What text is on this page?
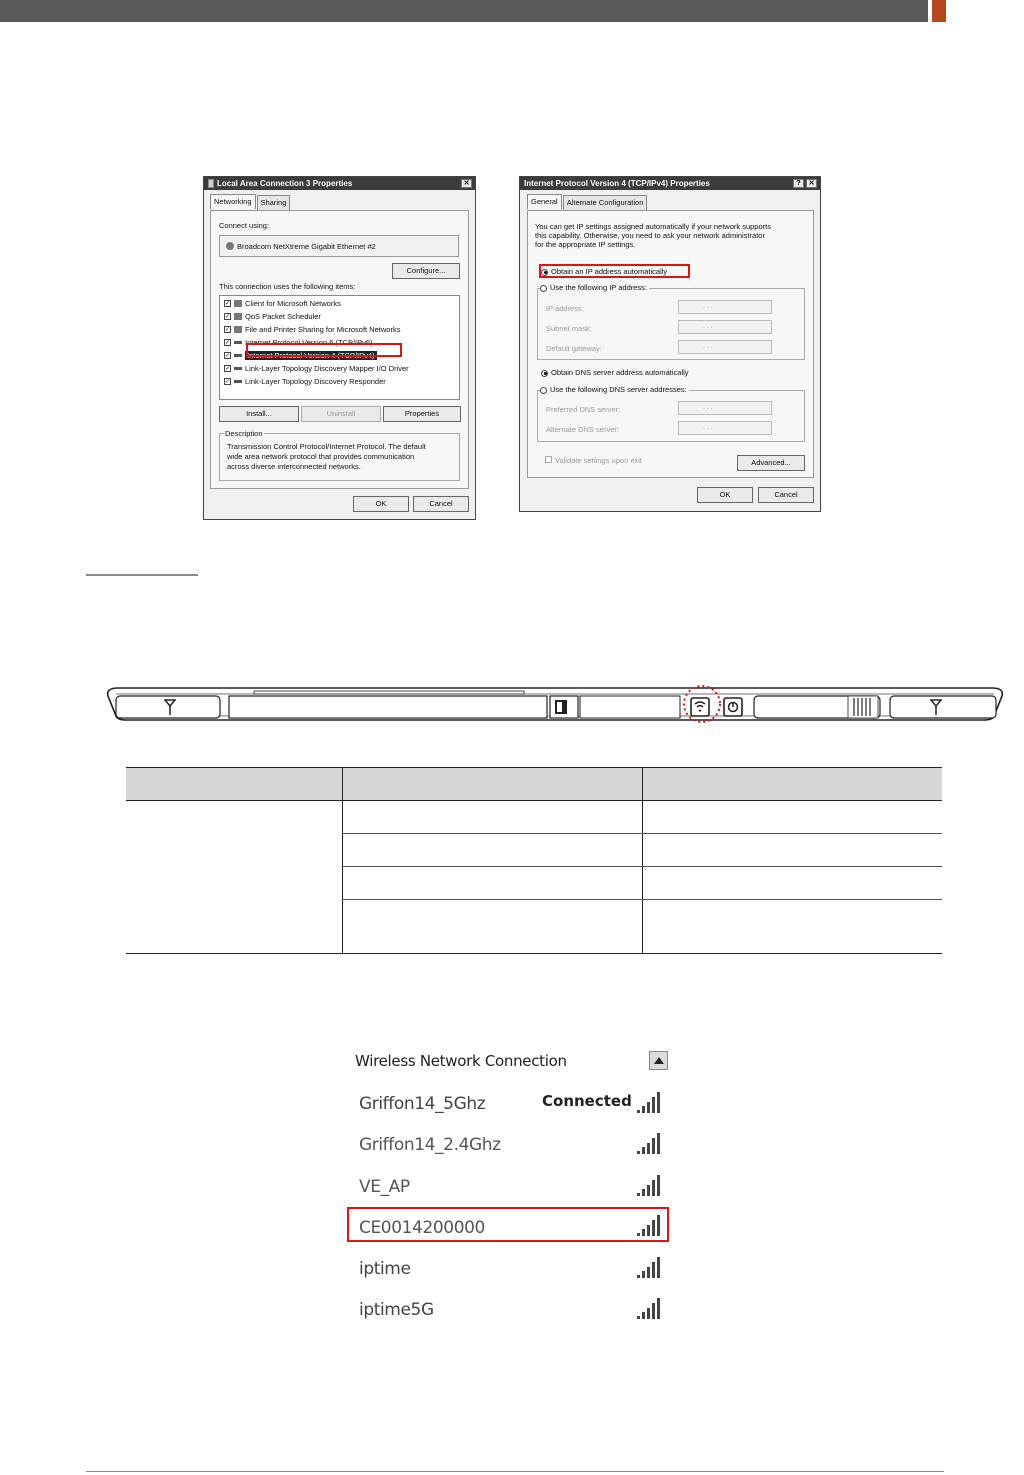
Local Area Connection 3 Properties	✕
Networking	Sharing
Connect using:
Broadcom NetXtreme Gigabit Ethernet #2
Configure...
This connection uses the following items:
✓ Client for Microsoft Networks
✓ QoS Packet Scheduler
✓ File and Printer Sharing for Microsoft Networks
✓ Internet Protocol Version 6 (TCP/IPv6)
✓ Internet Protocol Version 4 (TCP/IPv4)
✓ Link-Layer Topology Discovery Mapper I/O Driver
✓ Link-Layer Topology Discovery Responder
Install...	Uninstall	Properties
Description
Transmission Control Protocol/Internet Protocol. The default
wide area network protocol that provides communication
across diverse interconnected networks.
OK	Cancel
Internet Protocol Version 4 (TCP/IPv4) Properties	?	✕
General	Alternate Configuration
You can get IP settings assigned automatically if your network supports
this capability. Otherwise, you need to ask your network administrator
for the appropriate IP settings.
Obtain an IP address automatically
Use the following IP address:
IP address:	. . .
Subnet mask:	. . .
Default gateway:	. . .
Obtain DNS server address automatically
Use the following DNS server addresses:
Preferred DNS server:	. . .
Alternate DNS server:	. . .
Validate settings upon exit	Advanced...
OK	Cancel
Wireless Network Connection
Griffon14_5Ghz	Connected
Griffon14_2.4Ghz
VE_AP
CE0014200000
iptime
iptime5G
